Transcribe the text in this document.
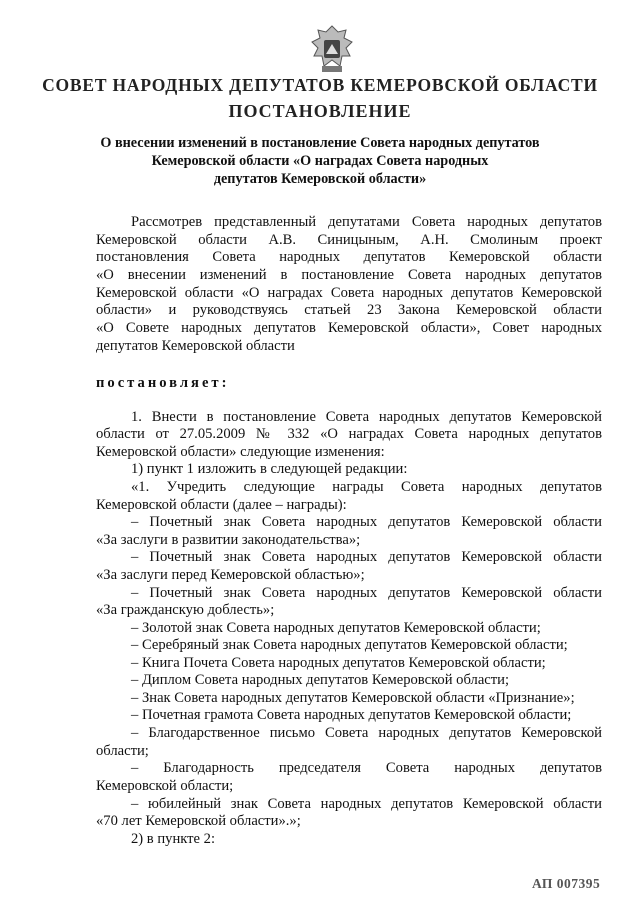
СОВЕТ НАРОДНЫХ ДЕПУТАТОВ КЕМЕРОВСКОЙ ОБЛАСТИ
ПОСТАНОВЛЕНИЕ
О внесении изменений в постановление Совета народных депутатов
Кемеровской области «О наградах Совета народных
депутатов Кемеровской области»
Рассмотрев представленный депутатами Совета народных депутатов
Кемеровской области А.В. Синицыным, А.Н. Смолиным проект
постановления Совета народных депутатов Кемеровской области
«О внесении изменений в постановление Совета народных депутатов
Кемеровской области «О наградах Совета народных депутатов Кемеровской
области» и руководствуясь статьей 23 Закона Кемеровской области
«О Совете народных депутатов Кемеровской области», Совет народных
депутатов Кемеровской области
постановляет:
1. Внести в постановление Совета народных депутатов Кемеровской
области от 27.05.2009 № 332 «О наградах Совета народных депутатов
Кемеровской области» следующие изменения:
1) пункт 1 изложить в следующей редакции:
«1. Учредить следующие награды Совета народных депутатов
Кемеровской области (далее – награды):
– Почетный знак Совета народных депутатов Кемеровской области
«За заслуги в развитии законодательства»;
– Почетный знак Совета народных депутатов Кемеровской области
«За заслуги перед Кемеровской областью»;
– Почетный знак Совета народных депутатов Кемеровской области
«За гражданскую доблесть»;
– Золотой знак Совета народных депутатов Кемеровской области;
– Серебряный знак Совета народных депутатов Кемеровской области;
– Книга Почета Совета народных депутатов Кемеровской области;
– Диплом Совета народных депутатов Кемеровской области;
– Знак Совета народных депутатов Кемеровской области «Признание»;
– Почетная грамота Совета народных депутатов Кемеровской области;
– Благодарственное письмо Совета народных депутатов Кемеровской
области;
– Благодарность председателя Совета народных депутатов
Кемеровской области;
– юбилейный знак Совета народных депутатов Кемеровской области
«70 лет Кемеровской области».»;
2) в пункте 2:
АП 007395
